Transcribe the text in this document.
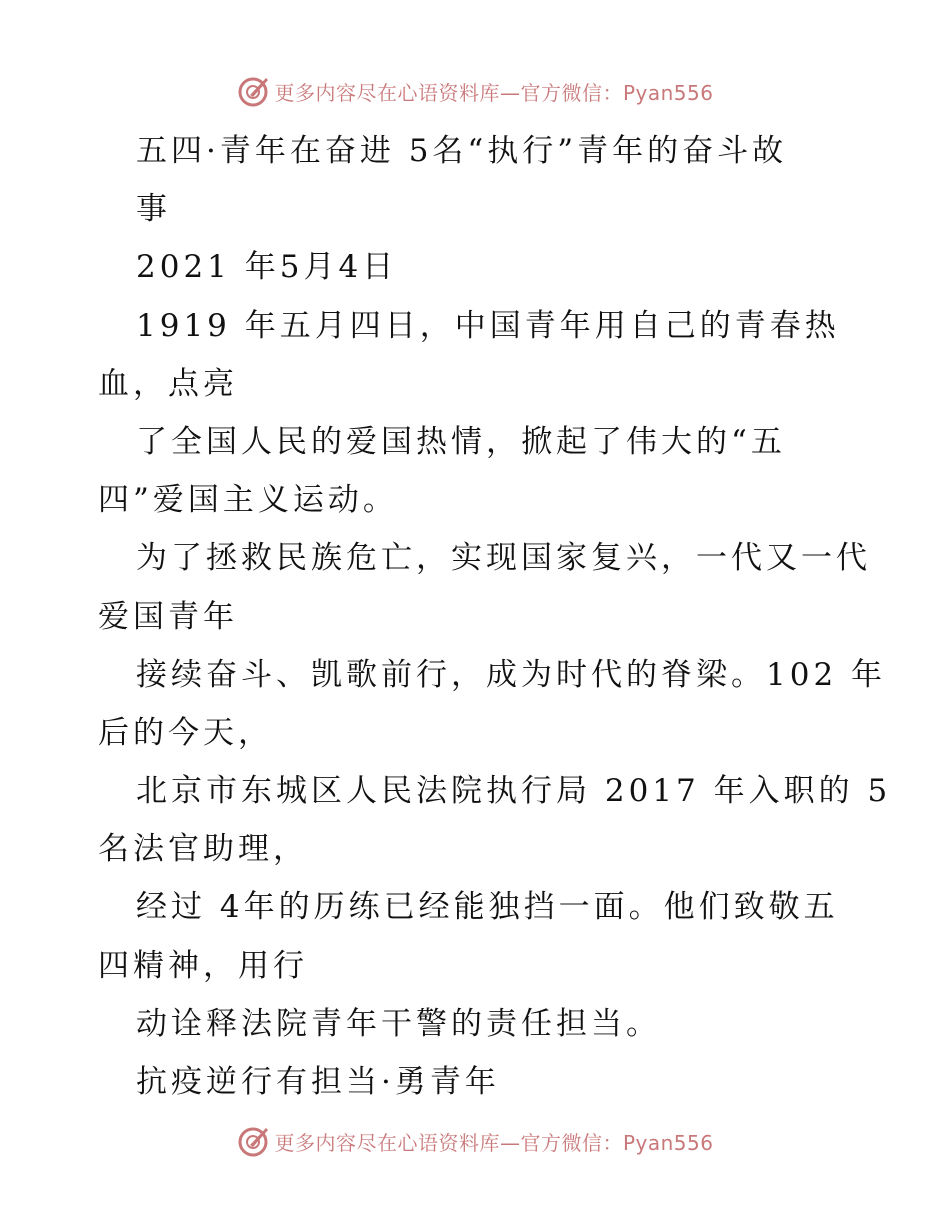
更多内容尽在心语资料库—官方微信：Pyan556
五四·青年在奋进 5名“执行”青年的奋斗故
事
2021 年5月4日
1919 年五月四日，中国青年用自己的青春热
血，点亮
了全国人民的爱国热情，掀起了伟大的“五
四”爱国主义运动。
为了拯救民族危亡，实现国家复兴，一代又一代
爱国青年
接续奋斗、凯歌前行，成为时代的脊梁。102 年
后的今天，
北京市东城区人民法院执行局 2017 年入职的 5
名法官助理，
经过 4年的历练已经能独挡一面。他们致敬五
四精神，用行
动诠释法院青年干警的责任担当。
抗疫逆行有担当·勇青年
更多内容尽在心语资料库—官方微信：Pyan556
